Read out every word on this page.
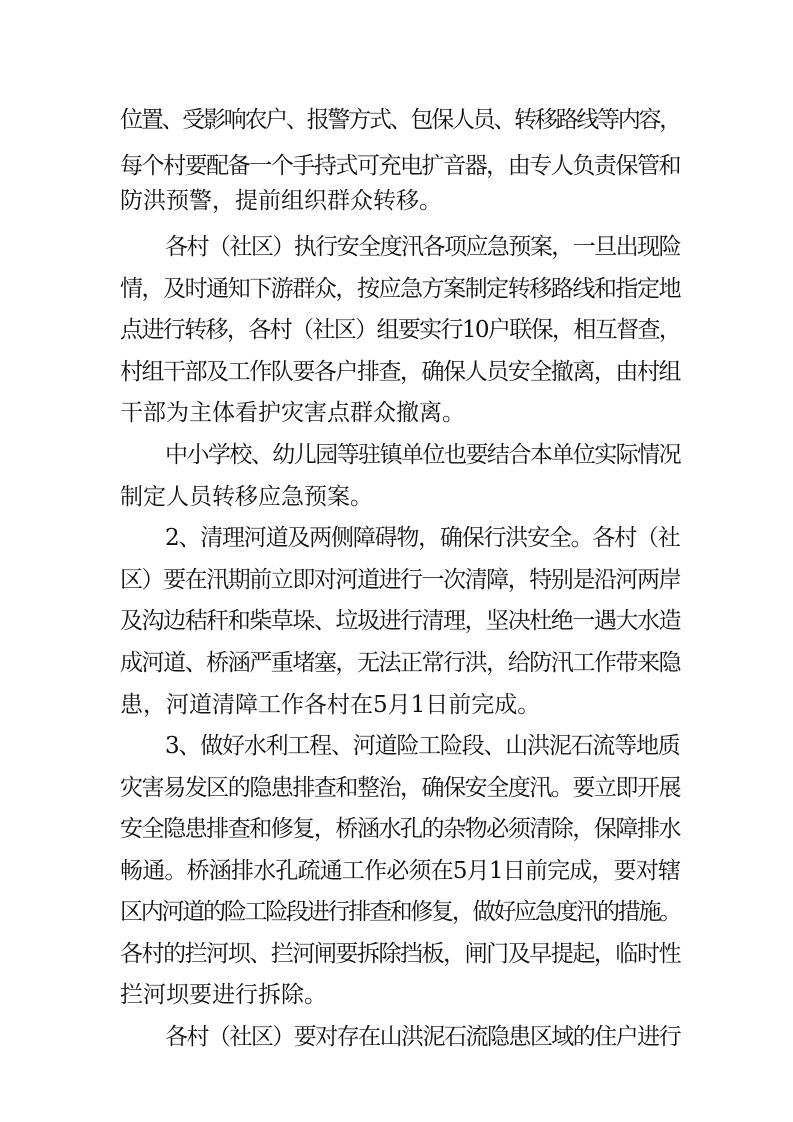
位置、受影响农户、报警方式、包保人员、转移路线等内容，
每个村要配备一个手持式可充电扩音器，由专人负责保管和
防洪预警，提前组织群众转移。
各村（社区）执行安全度汛各项应急预案，一旦出现险
情，及时通知下游群众，按应急方案制定转移路线和指定地
点进行转移，各村（社区）组要实行10户联保，相互督查，
村组干部及工作队要各户排查，确保人员安全撤离，由村组
干部为主体看护灾害点群众撤离。
中小学校、幼儿园等驻镇单位也要结合本单位实际情况
制定人员转移应急预案。
2、清理河道及两侧障碍物，确保行洪安全。各村（社
区）要在汛期前立即对河道进行一次清障，特别是沿河两岸
及沟边秸秆和柴草垛、垃圾进行清理，坚决杜绝一遇大水造
成河道、桥涵严重堵塞，无法正常行洪，给防汛工作带来隐
患，河道清障工作各村在5月1日前完成。
3、做好水利工程、河道险工险段、山洪泥石流等地质
灾害易发区的隐患排查和整治，确保安全度汛。要立即开展
安全隐患排查和修复，桥涵水孔的杂物必须清除，保障排水
畅通。桥涵排水孔疏通工作必须在5月1日前完成，要对辖
区内河道的险工险段进行排查和修复，做好应急度汛的措施。
各村的拦河坝、拦河闸要拆除挡板，闸门及早提起，临时性
拦河坝要进行拆除。
各村（社区）要对存在山洪泥石流隐患区域的住户进行
